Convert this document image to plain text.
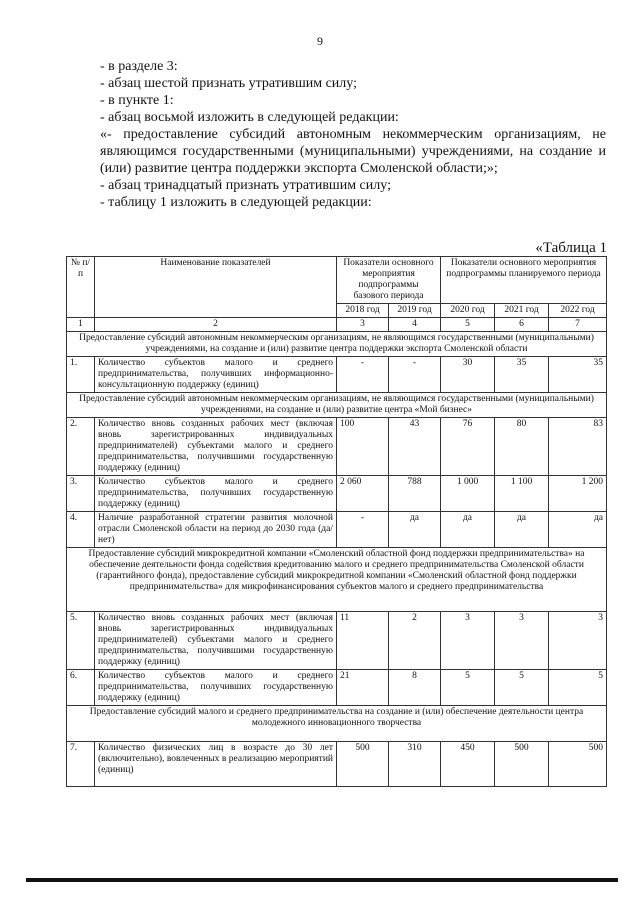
9

- в разделе 3:

- абзац шестой признать утратившим силу;

- в пункте 1:

- абзац восьмой изложить в следующей редакции:

«- предоставление субсидий автономным некоммерческим организациям, не являющимся государственными (муниципальными) учреждениями, на создание и (или) развитие центра поддержки экспорта Смоленской области;»;

- абзац тринадцатый признать утратившим силу;

- таблицу 1 изложить в следующей редакции:

«Таблица 1
№ п/п	Наименование показателей	Показатели основного мероприятия подпрограммы базового периода		Показатели основного мероприятия подпрограммы планируемого периода		
		2018 год	2019 год	2020 год	2021 год	2022 год
1	2	3	4	5	6	7
Предоставление субсидий автономным некоммерческим организациям, не являющимся государственными (муниципальными) учреждениями, на создание и (или) развитие центра поддержки экспорта Смоленской области						
1.	Количество субъектов малого и среднего предпринимательства, получивших информационно-консультационную поддержку (единиц)	-	-	30	35	35
Предоставление субсидий автономным некоммерческим организациям, не являющимся государственными (муниципальными) учреждениями, на создание и (или) развитие центра «Мой бизнес»						
2.	Количество вновь созданных рабочих мест (включая вновь зарегистрированных индивидуальных предпринимателей) субъектами малого и среднего предпринимательства, получившими государственную поддержку (единиц)	100	43	76	80	83
3.	Количество субъектов малого и среднего предпринимательства, получивших государственную поддержку (единиц)	2 060	788	1 000	1 100	1 200
4.	Наличие разработанной стратегии развития молочной отрасли Смоленской области на период до 2030 года (да/нет)	-	да	да	да	да
Предоставление субсидий микрокредитной компании «Смоленский областной фонд поддержки предпринимательства» на обеспечение деятельности фонда содействия кредитованию малого и среднего предпринимательства Смоленской области (гарантийного фонда), предоставление субсидий микрокредитной компании «Смоленский областной фонд поддержки предпринимательства» для микрофинансирования субъектов малого и среднего предпринимательства						
5.	Количество вновь созданных рабочих мест (включая вновь зарегистрированных индивидуальных предпринимателей) субъектами малого и среднего предпринимательства, получившими государственную поддержку (единиц)	11	2	3	3	3
6.	Количество субъектов малого и среднего предпринимательства, получивших государственную поддержку (единиц)	21	8	5	5	5
Предоставление субсидий малого и среднего предпринимательства на создание и (или) обеспечение деятельности центра молодежного инновационного творчества						
7.	Количество физических лиц в возрасте до 30 лет (включительно), вовлеченных в реализацию мероприятий (единиц)	500	310	450	500	500
